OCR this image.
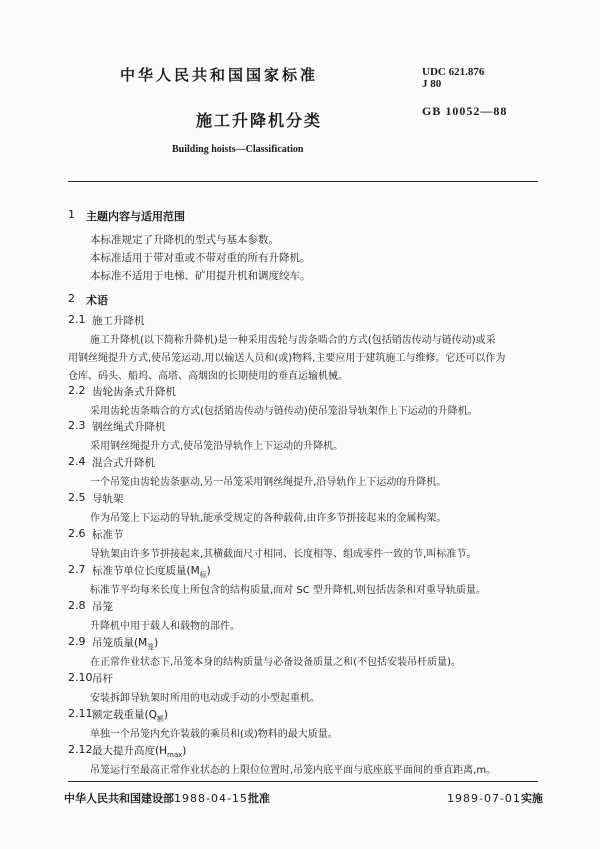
中华人民共和国国家标准	UDC 621.876
J 80
施工升降机分类	GB 10052—88
Building hoists—Classification
1 主题内容与适用范围
本标准规定了升降机的型式与基本参数。
本标准适用于带对重或不带对重的所有升降机。
本标准不适用于电梯、矿用提升机和调度绞车。
2 术语
2.1 施工升降机
施工升降机(以下简称升降机)是一种采用齿轮与齿条啮合的方式(包括销齿传动与链传动)或采
用钢丝绳提升方式,使吊笼运动,用以输送人员和(或)物料,主要应用于建筑施工与维修。它还可以作为
仓库、码头、船坞、高塔、高烟囱的长期使用的垂直运输机械。
2.2 齿轮齿条式升降机
采用齿轮齿条啮合的方式(包括销齿传动与链传动)使吊笼沿导轨架作上下运动的升降机。
2.3 钢丝绳式升降机
采用钢丝绳提升方式,使吊笼沿导轨作上下运动的升降机。
2.4 混合式升降机
一个吊笼由齿轮齿条驱动,另一吊笼采用钢丝绳提升,沿导轨作上下运动的升降机。
2.5 导轨架
作为吊笼上下运动的导轨,能承受规定的各种载荷,由许多节拼接起来的金属构架。
2.6 标准节
导轨架由许多节拼接起来,其横截面尺寸相同、长度相等、组成零件一致的节,叫标准节。
2.7 标准节单位长度质量$(M_标)$
标准节平均每米长度上所包含的结构质量,而对 SC 型升降机,则包括齿条和对重导轨质量。
2.8 吊笼
升降机中用于载人和载物的部件。
2.9 吊笼质量$(M_笼)$
在正常作业状态下,吊笼本身的结构质量与必备设备质量之和(不包括安装吊杆质量)。
2.10 吊杆
安装拆卸导轨架时所用的电动或手动的小型起重机。
2.11 额定载重量$(Q_额)$
单独一个吊笼内允许装载的乘员和(或)物料的最大质量。
2.12 最大提升高度$(H_{max})$
吊笼运行至最高正常作业状态的上限位位置时,吊笼内底平面与底座底平面间的垂直距离,m。
中华人民共和国建设部1988-04-15批准	1989-07-01实施
